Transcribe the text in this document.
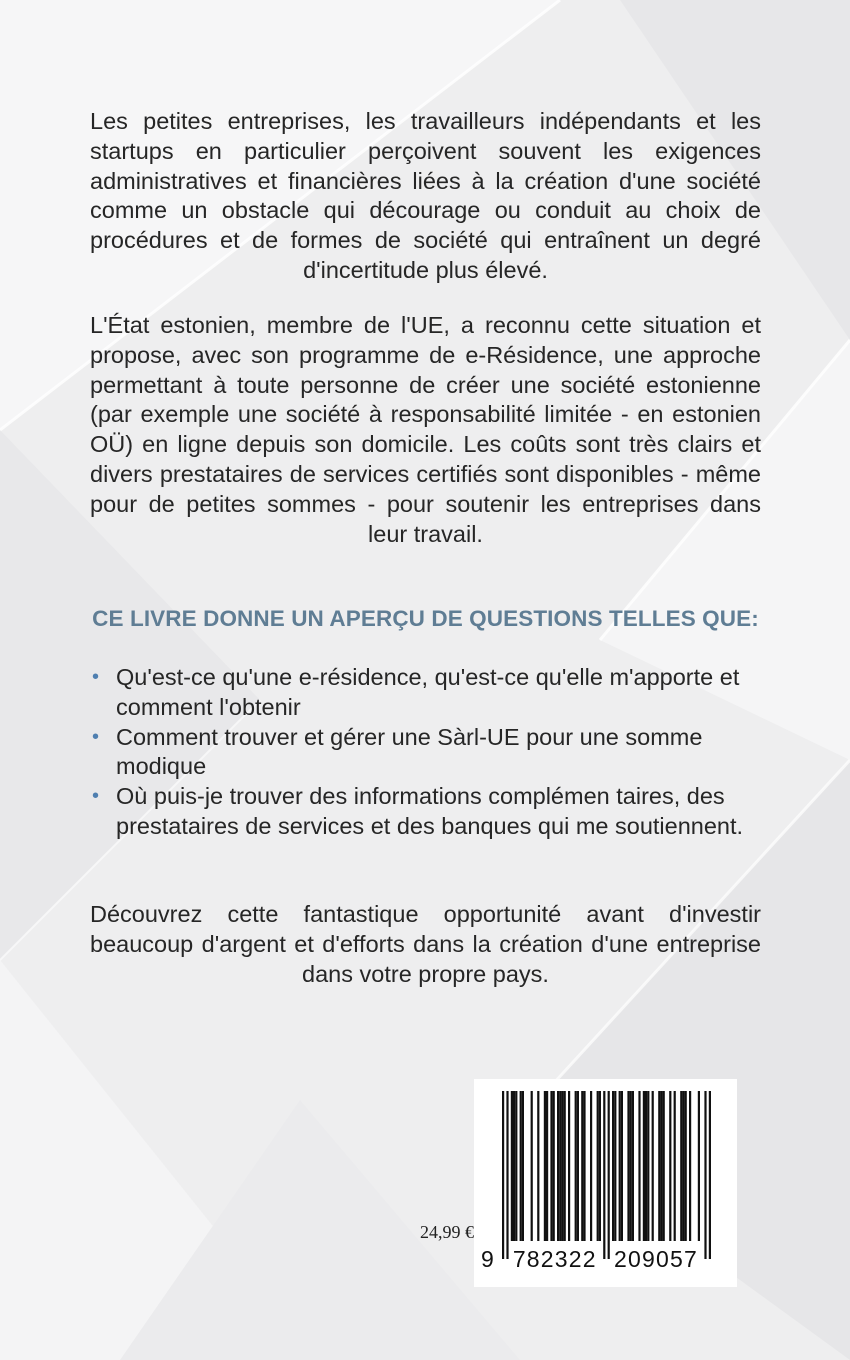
Les petites entreprises, les travailleurs indépendants et les startups en particulier perçoivent souvent les exigences administratives et financières liées à la création d'une société comme un obstacle qui décourage ou conduit au choix de procédures et de formes de société qui entraînent un degré d'incertitude plus élevé.

L'État estonien, membre de l'UE, a reconnu cette situation et propose, avec son programme de e-Résidence, une approche permettant à toute personne de créer une société estonienne (par exemple une société à responsabilité limitée - en estonien OÜ) en ligne depuis son domicile. Les coûts sont très clairs et divers prestataires de services certifiés sont disponibles - même pour de petites sommes - pour soutenir les entreprises dans leur travail.

CE LIVRE DONNE UN APERÇU DE QUESTIONS TELLES QUE:
• Qu'est-ce qu'une e-résidence, qu'est-ce qu'elle m'apporte et comment l'obtenir
• Comment trouver et gérer une Sàrl-UE pour une somme modique
• Où puis-je trouver des informations complémen taires, des prestataires de services et des banques qui me soutiennent.

Découvrez cette fantastique opportunité avant d'investir beaucoup d'argent et d'efforts dans la création d'une entreprise dans votre propre pays.

24,99 €
9 782322 209057
